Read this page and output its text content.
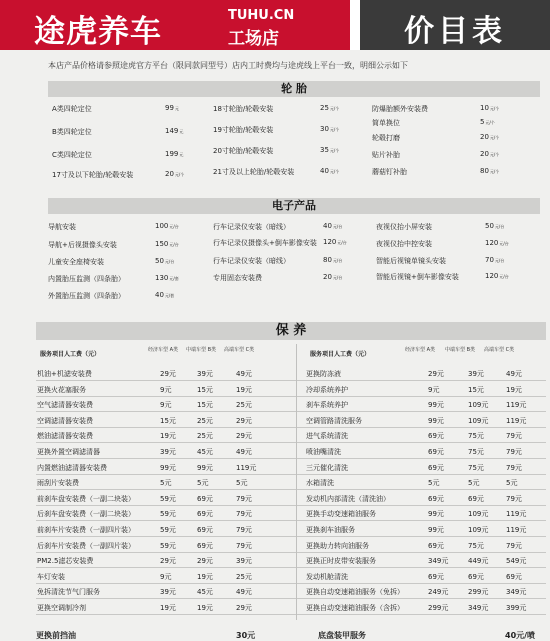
途虎养车	TUHU.CN
工场店	价目表
本店产品价格请参照途虎官方平台（限同款同型号）店内工时费均与途虎线上平台一致，明细公示如下
轮 胎
A类四轮定位	99元
B类四轮定位	149元
C类四轮定位	199元
17寸及以下轮胎/轮毂安装	20元/个
18寸轮胎/轮毂安装	25元/个
19寸轮胎/轮毂安装	30元/个
20寸轮胎/轮毂安装	35元/个
21寸及以上轮胎/轮毂安装	40元/个
防爆胎额外安装费	10元/个
简单换位	5元/个
轮毂打磨	20元/个
贴片补胎	20元/个
蘑菇钉补胎	80元/个
电子产品
导航安装	100元/台
导航+后视摄像头安装	150元/台
儿童安全座椅安装	50元/台
内置胎压监测（四条胎）	130元/套
外置胎压监测（四条胎）	40元/套
行车记录仪安装（暗线）	40元/台
行车记录仪摄像头+倒车影像安装 120元/台
行车记录仪安装（暗线）	80元/台
专用固态安装费	20元/台
夜视仪抬小屏安装	50元/台
夜视仪抬中控安装	120元/台
智能后视镜单镜头安装	70元/台
智能后视镜+倒车影像安装	120元/台
保 养
服务项目人工费（元）	服务项目人工费（元）
经济车型 A类	经济车型 A类
中端车型 B类	中端车型 B类
高端车型 C类	高端车型 C类
机油+机滤安装费	29元	39元	49元
更换火花塞服务	9元	15元	19元
空气滤清器安装费	9元	15元	25元
空调滤清器安装费	15元	25元	29元
燃油滤清器安装费	19元	25元	29元
更换外置空调滤清器	39元	45元	49元
内置燃油滤清器安装费	99元	99元	119元
雨刮片安装费	5元	5元	5元
前刹车盘安装费（一副二块装）	59元	69元	79元
后刹车盘安装费（一副二块装）	59元	69元	79元
前刹车片安装费（一副四片装）	59元	69元	79元
后刹车片安装费（一副四片装）	59元	69元	79元
PM2.5滤芯安装费	29元	29元	39元
车灯安装	9元	19元	25元
免拆清洗节气门服务	39元	45元	49元
更换空调制冷剂	19元	19元	29元
更换防冻液	29元	39元	49元
冷却系统养护	9元	15元	19元
刹车系统养护	99元	109元	119元
空调管路清洗服务	99元	109元	119元
进气系统清洗	69元	75元	79元
喷油嘴清洗	69元	75元	79元
三元催化清洗	69元	75元	79元
水箱清洗	5元	5元	5元
发动机内部清洗（清洗油）	69元	69元	79元
更换手动变速箱油服务	99元	109元	119元
更换刹车油服务	99元	109元	119元
更换助力转向油服务	69元	75元	79元
更换正时皮带安装服务	349元	449元	549元
发动机舱清洗	69元	69元	69元
更换自动变速箱油服务（免拆）	249元	299元	349元
更换自动变速箱油服务（含拆）	299元	349元	399元
更换前挡油	30元	底盘装甲服务	40元/喷
